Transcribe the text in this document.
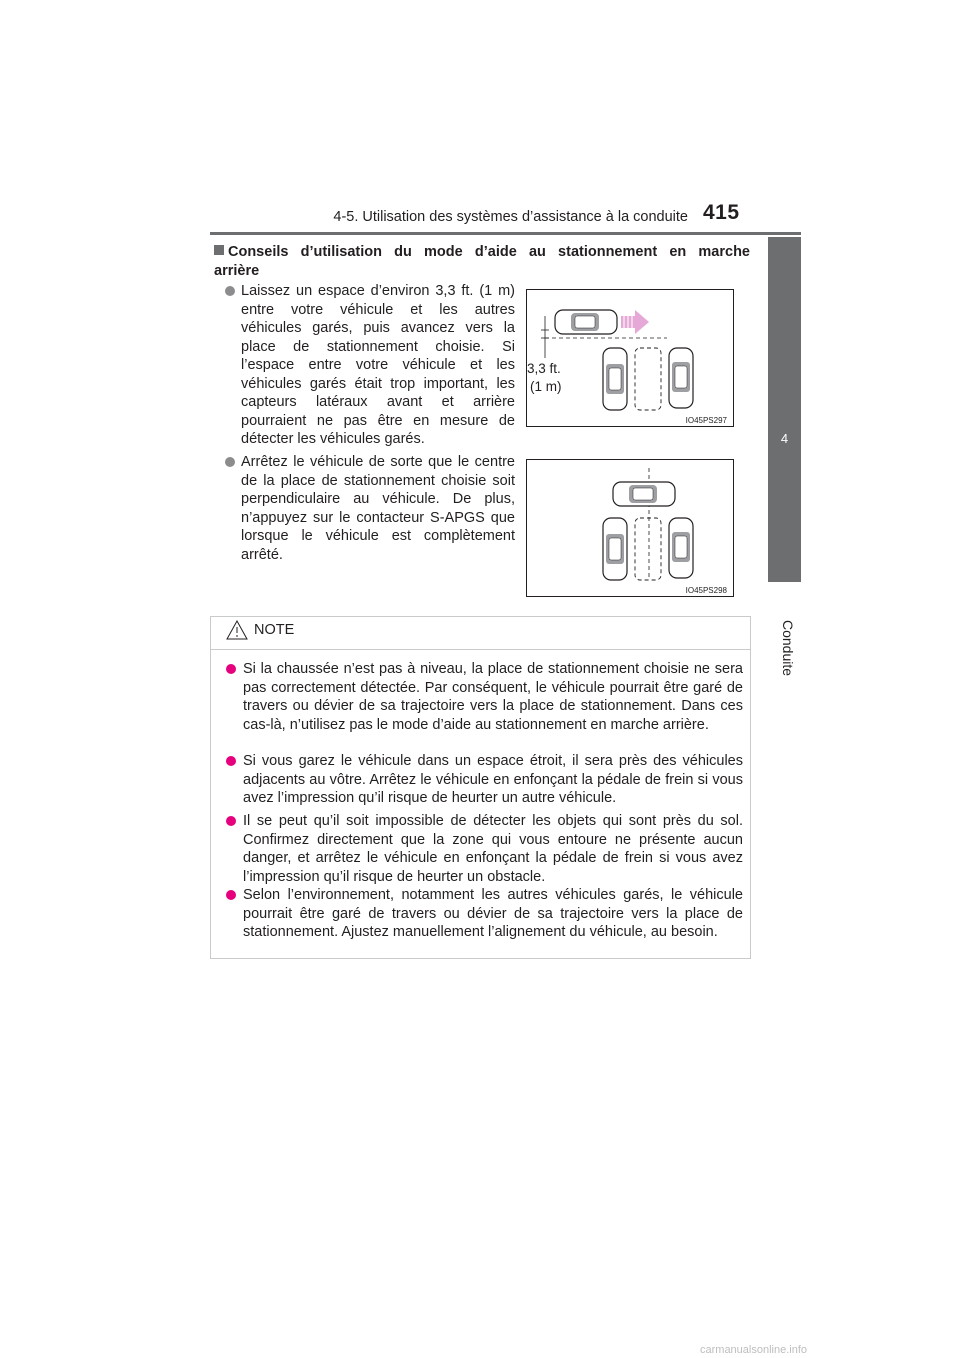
4-5. Utilisation des systèmes d’assistance à la conduite 415
4
Conduite
Conseils d’utilisation du mode d’aide au stationnement en marche
arrière
Laissez un espace d’environ 3,3 ft. (1 m) entre votre véhicule et les autres véhicules garés, puis avancez vers la place de stationnement choisie. Si l’espace entre votre véhicule et les véhicules garés était trop important, les capteurs latéraux avant et arrière pourraient ne pas être en mesure de détecter les véhicules garés.
Arrêtez le véhicule de sorte que le centre de la place de stationnement choisie soit perpendiculaire au véhicule. De plus, n’appuyez sur le contacteur S-APGS que lorsque le véhicule est complètement arrêté.
3,3 ft.
(1 m)
IO45PS297
IO45PS298
NOTE
Si la chaussée n’est pas à niveau, la place de stationnement choisie ne sera pas correctement détectée. Par conséquent, le véhicule pourrait être garé de travers ou dévier de sa trajectoire vers la place de stationnement. Dans ces cas-là, n’utilisez pas le mode d’aide au stationnement en marche arrière.
Si vous garez le véhicule dans un espace étroit, il sera près des véhicules adjacents au vôtre. Arrêtez le véhicule en enfonçant la pédale de frein si vous avez l’impression qu’il risque de heurter un autre véhicule.
Il se peut qu’il soit impossible de détecter les objets qui sont près du sol. Confirmez directement que la zone qui vous entoure ne présente aucun danger, et arrêtez le véhicule en enfonçant la pédale de frein si vous avez l’impression qu’il risque de heurter un obstacle.
Selon l’environnement, notamment les autres véhicules garés, le véhicule pourrait être garé de travers ou dévier de sa trajectoire vers la place de stationnement. Ajustez manuellement l’alignement du véhicule, au besoin.
carmanualsonline.info
